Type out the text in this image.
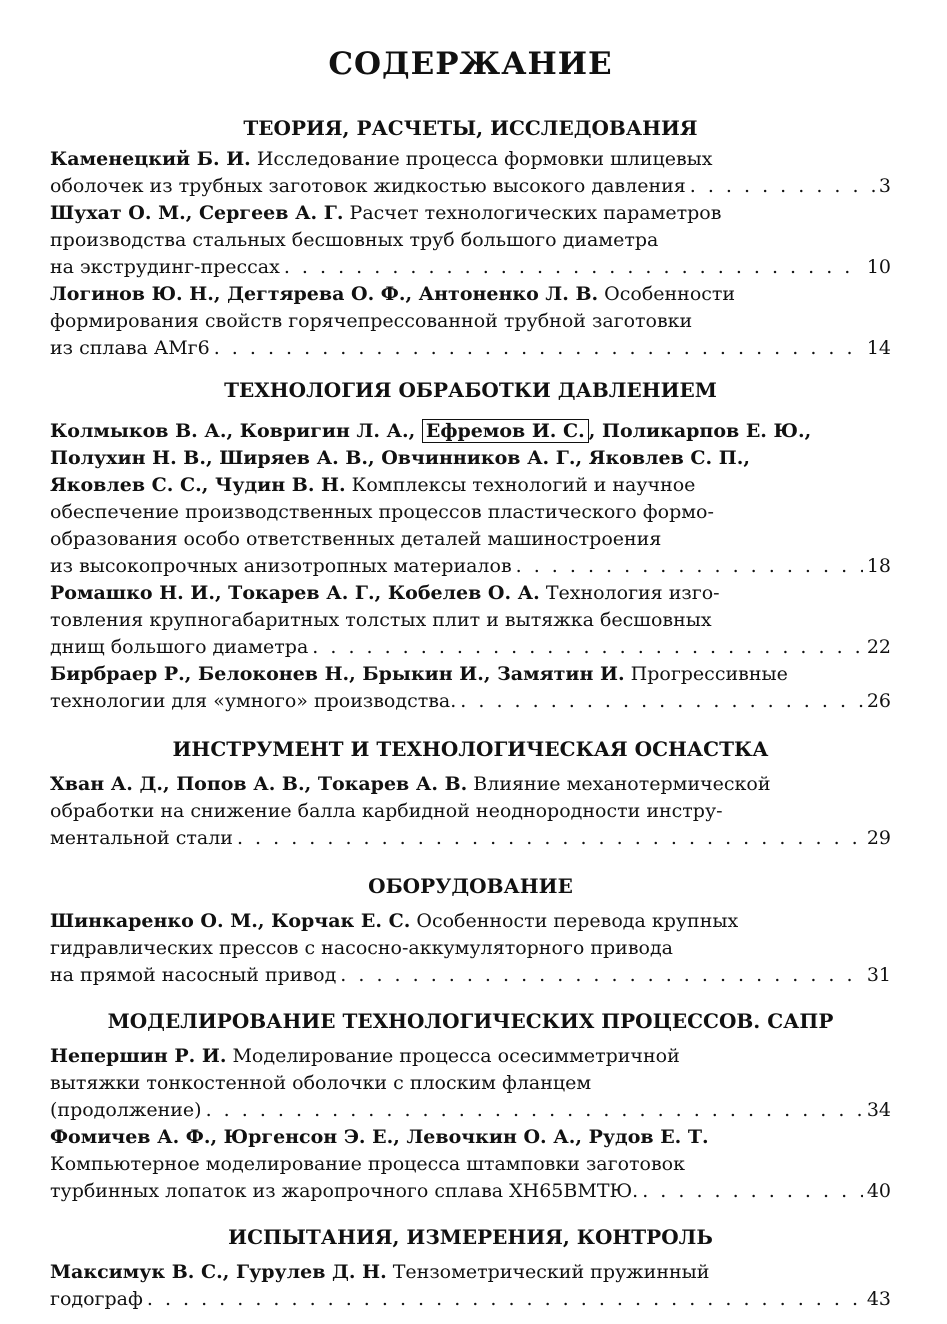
СОДЕРЖАНИЕ
ТЕОРИЯ, РАСЧЕТЫ, ИССЛЕДОВАНИЯ
Каменецкий Б. И. Исследование процесса формовки шлицевых
оболочек из трубных заготовок жидкостью высокого давления . . .	3
Шухат О. М., Сергеев А. Г. Расчет технологических параметров
производства стальных бесшовных труб большого диаметра
на экструдинг-прессах . . .	10
Логинов Ю. Н., Дегтярева О. Ф., Антоненко Л. В. Особенности
формирования свойств горячепрессованной трубной заготовки
из сплава АМг6 . . .	14
ТЕХНОЛОГИЯ ОБРАБОТКИ ДАВЛЕНИЕМ
Колмыков В. А., Ковригин Л. А., Ефремов И. С. , Поликарпов Е. Ю.,
Полухин Н. В., Ширяев А. В., Овчинников А. Г., Яковлев С. П.,
Яковлев С. С., Чудин В. Н. Комплексы технологий и научное
обеспечение производственных процессов пластического формо-
образования особо ответственных деталей машиностроения
из высокопрочных анизотропных материалов . . .	18
Ромашко Н. И., Токарев А. Г., Кобелев О. А. Технология изго-
товления крупногабаритных толстых плит и вытяжка бесшовных
днищ большого диаметра . . .	22
Бирбраер Р., Белоконев Н., Брыкин И., Замятин И. Прогрессивные
технологии для «умного» производства. . . .	26
ИНСТРУМЕНТ И ТЕХНОЛОГИЧЕСКАЯ ОСНАСТКА
Хван А. Д., Попов А. В., Токарев А. В. Влияние механотермической
обработки на снижение балла карбидной неоднородности инстру-
ментальной стали . . .	29
ОБОРУДОВАНИЕ
Шинкаренко О. М., Корчак Е. С. Особенности перевода крупных
гидравлических прессов с насосно-аккумуляторного привода
на прямой насосный привод . . .	31
МОДЕЛИРОВАНИЕ ТЕХНОЛОГИЧЕСКИХ ПРОЦЕССОВ. САПР
Непершин Р. И. Моделирование процесса осесимметричной
вытяжки тонкостенной оболочки с плоским фланцем
(продолжение) . . .	34
Фомичев А. Ф., Юргенсон Э. Е., Левочкин О. А., Рудов Е. Т.
Компьютерное моделирование процесса штамповки заготовок
турбинных лопаток из жаропрочного сплава ХН65ВМТЮ. . . .	40
ИСПЫТАНИЯ, ИЗМЕРЕНИЯ, КОНТРОЛЬ
Максимук В. С., Гурулев Д. Н. Тензометрический пружинный
годограф . . .	43
